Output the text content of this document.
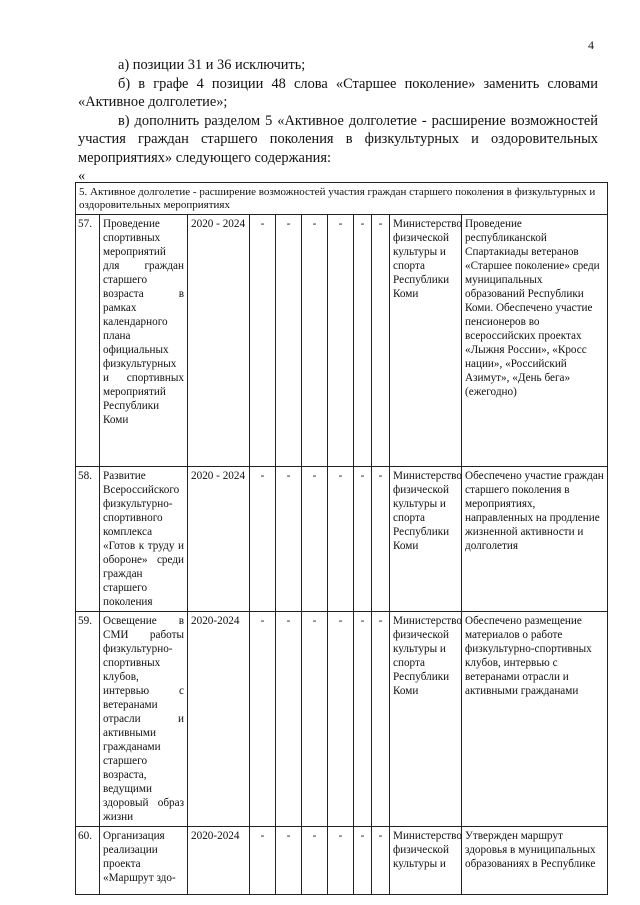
4

а) позиции 31 и 36 исключить;

б) в графе 4 позиции 48 слова «Старшее поколение» заменить словами «Активное долголетие»;

в) дополнить разделом 5 «Активное долголетие - расширение возможностей участия граждан старшего поколения в физкультурных и оздоровительных мероприятиях» следующего содержания:

«

5. Активное долголетие - расширение возможностей участия граждан старшего поколения в физкультурных и оздоровительных мероприятиях										
57.	Проведение спортивных мероприятий для граждан старшего возраста в рамках календарного плана официальных физкультурных и спортивных мероприятий Республики Коми	2020 - 2024	-	-	-	-	-	-	Министерство физической культуры и спорта Республики Коми	Проведение республиканской Спартакиады ветеранов «Старшее поколение» среди муниципальных образований Республики Коми. Обеспечено участие пенсионеров во всероссийских проектах «Лыжня России», «Кросс нации», «Российский Азимут», «День бега» (ежегодно)
58.	Развитие Всероссийского физкультурно-спортивного комплекса «Готов к труду и обороне» среди граждан старшего поколения	2020 - 2024	-	-	-	-	-	-	Министерство физической культуры и спорта Республики Коми	Обеспечено участие граждан старшего поколения в мероприятиях, направленных на продление жизненной активности и долголетия
59.	Освещение в СМИ работы физкультурно-спортивных клубов, интервью с ветеранами отрасли и активными гражданами старшего возраста, ведущими здоровый образ жизни	2020-2024	-	-	-	-	-	-	Министерство физической культуры и спорта Республики Коми	Обеспечено размещение материалов о работе физкультурно-спортивных клубов, интервью с ветеранами отрасли и активными гражданами
60.	Организация реализации проекта «Маршрут здо-	2020-2024	-	-	-	-	-	-	Министерство физической культуры и	Утвержден маршрут здоровья в муниципальных образованиях в Республике
